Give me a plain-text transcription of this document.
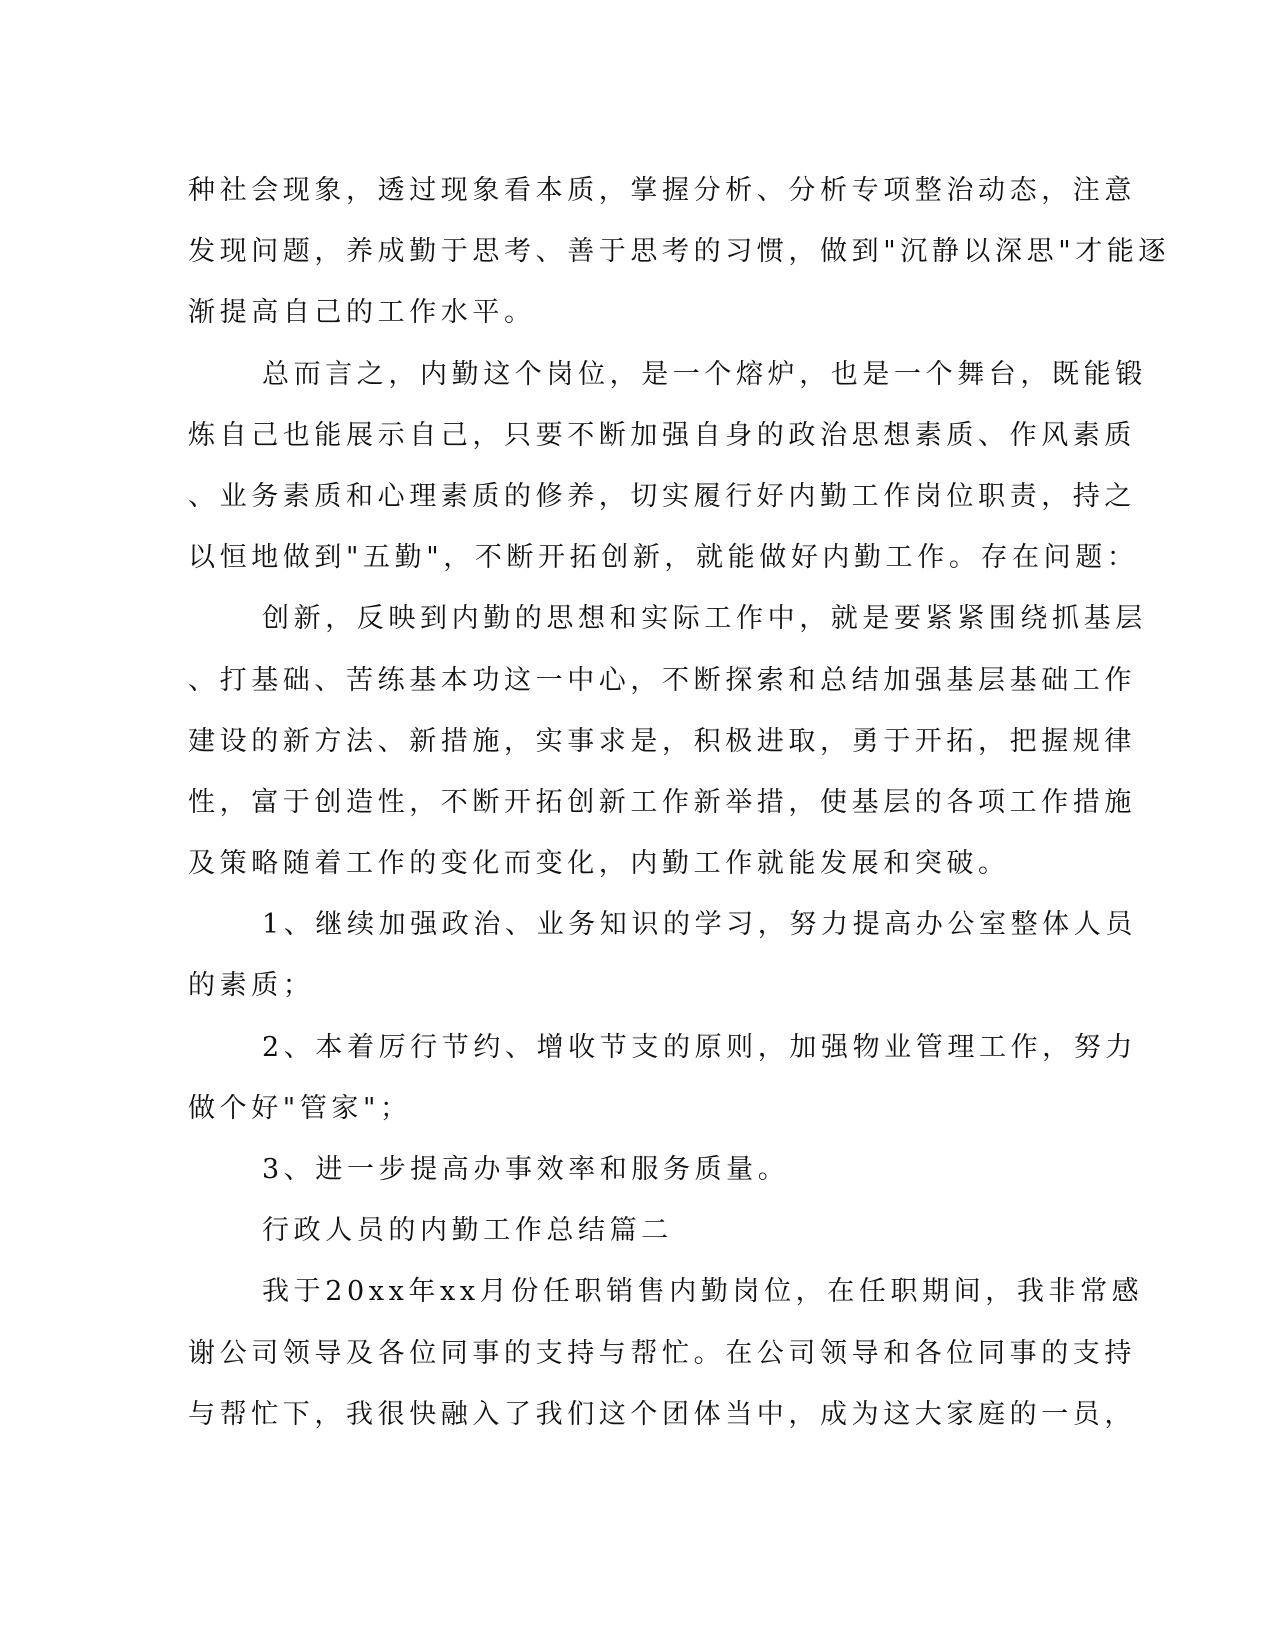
种社会现象，透过现象看本质，掌握分析、分析专项整治动态，注意
发现问题，养成勤于思考、善于思考的习惯，做到"沉静以深思"才能逐
渐提高自己的工作水平。
总而言之，内勤这个岗位，是一个熔炉，也是一个舞台，既能锻
炼自己也能展示自己，只要不断加强自身的政治思想素质、作风素质
、业务素质和心理素质的修养，切实履行好内勤工作岗位职责，持之
以恒地做到"五勤"，不断开拓创新，就能做好内勤工作。存在问题：
创新，反映到内勤的思想和实际工作中，就是要紧紧围绕抓基层
、打基础、苦练基本功这一中心，不断探索和总结加强基层基础工作
建设的新方法、新措施，实事求是，积极进取，勇于开拓，把握规律
性，富于创造性，不断开拓创新工作新举措，使基层的各项工作措施
及策略随着工作的变化而变化，内勤工作就能发展和突破。
1、继续加强政治、业务知识的学习，努力提高办公室整体人员
的素质；
2、本着厉行节约、增收节支的原则，加强物业管理工作，努力
做个好"管家"；
3、进一步提高办事效率和服务质量。
行政人员的内勤工作总结篇二
我于20xx年xx月份任职销售内勤岗位，在任职期间，我非常感
谢公司领导及各位同事的支持与帮忙。在公司领导和各位同事的支持
与帮忙下，我很快融入了我们这个团体当中，成为这大家庭的一员，
